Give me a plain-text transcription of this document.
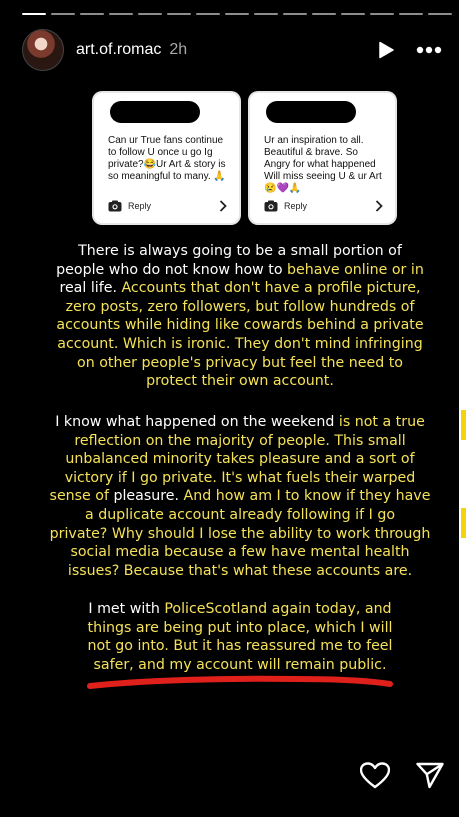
art.of.romac 2h
Can ur True fans continue to follow U once u go Ig private?😂Ur Art & story is so meaningful to many. 🙏
Reply
Ur an inspiration to all. Beautiful & brave. So Angry for what happened Will miss seeing U & ur Art😢💜🙏
Reply
There is always going to be a small portion of
people who do not know how to behave online or in
real life. Accounts that don't have a profile picture,
zero posts, zero followers, but follow hundreds of
accounts while hiding like cowards behind a private
account. Which is ironic. They don't mind infringing
on other people's privacy but feel the need to
protect their own account.
I know what happened on the weekend is not a true
reflection on the majority of people. This small
unbalanced minority takes pleasure and a sort of
victory if I go private. It's what fuels their warped
sense of pleasure. And how am I to know if they have
a duplicate account already following if I go
private? Why should I lose the ability to work through
social media because a few have mental health
issues? Because that's what these accounts are.
I met with PoliceScotland again today, and
things are being put into place, which I will
not go into. But it has reassured me to feel
safer, and my account will remain public.
